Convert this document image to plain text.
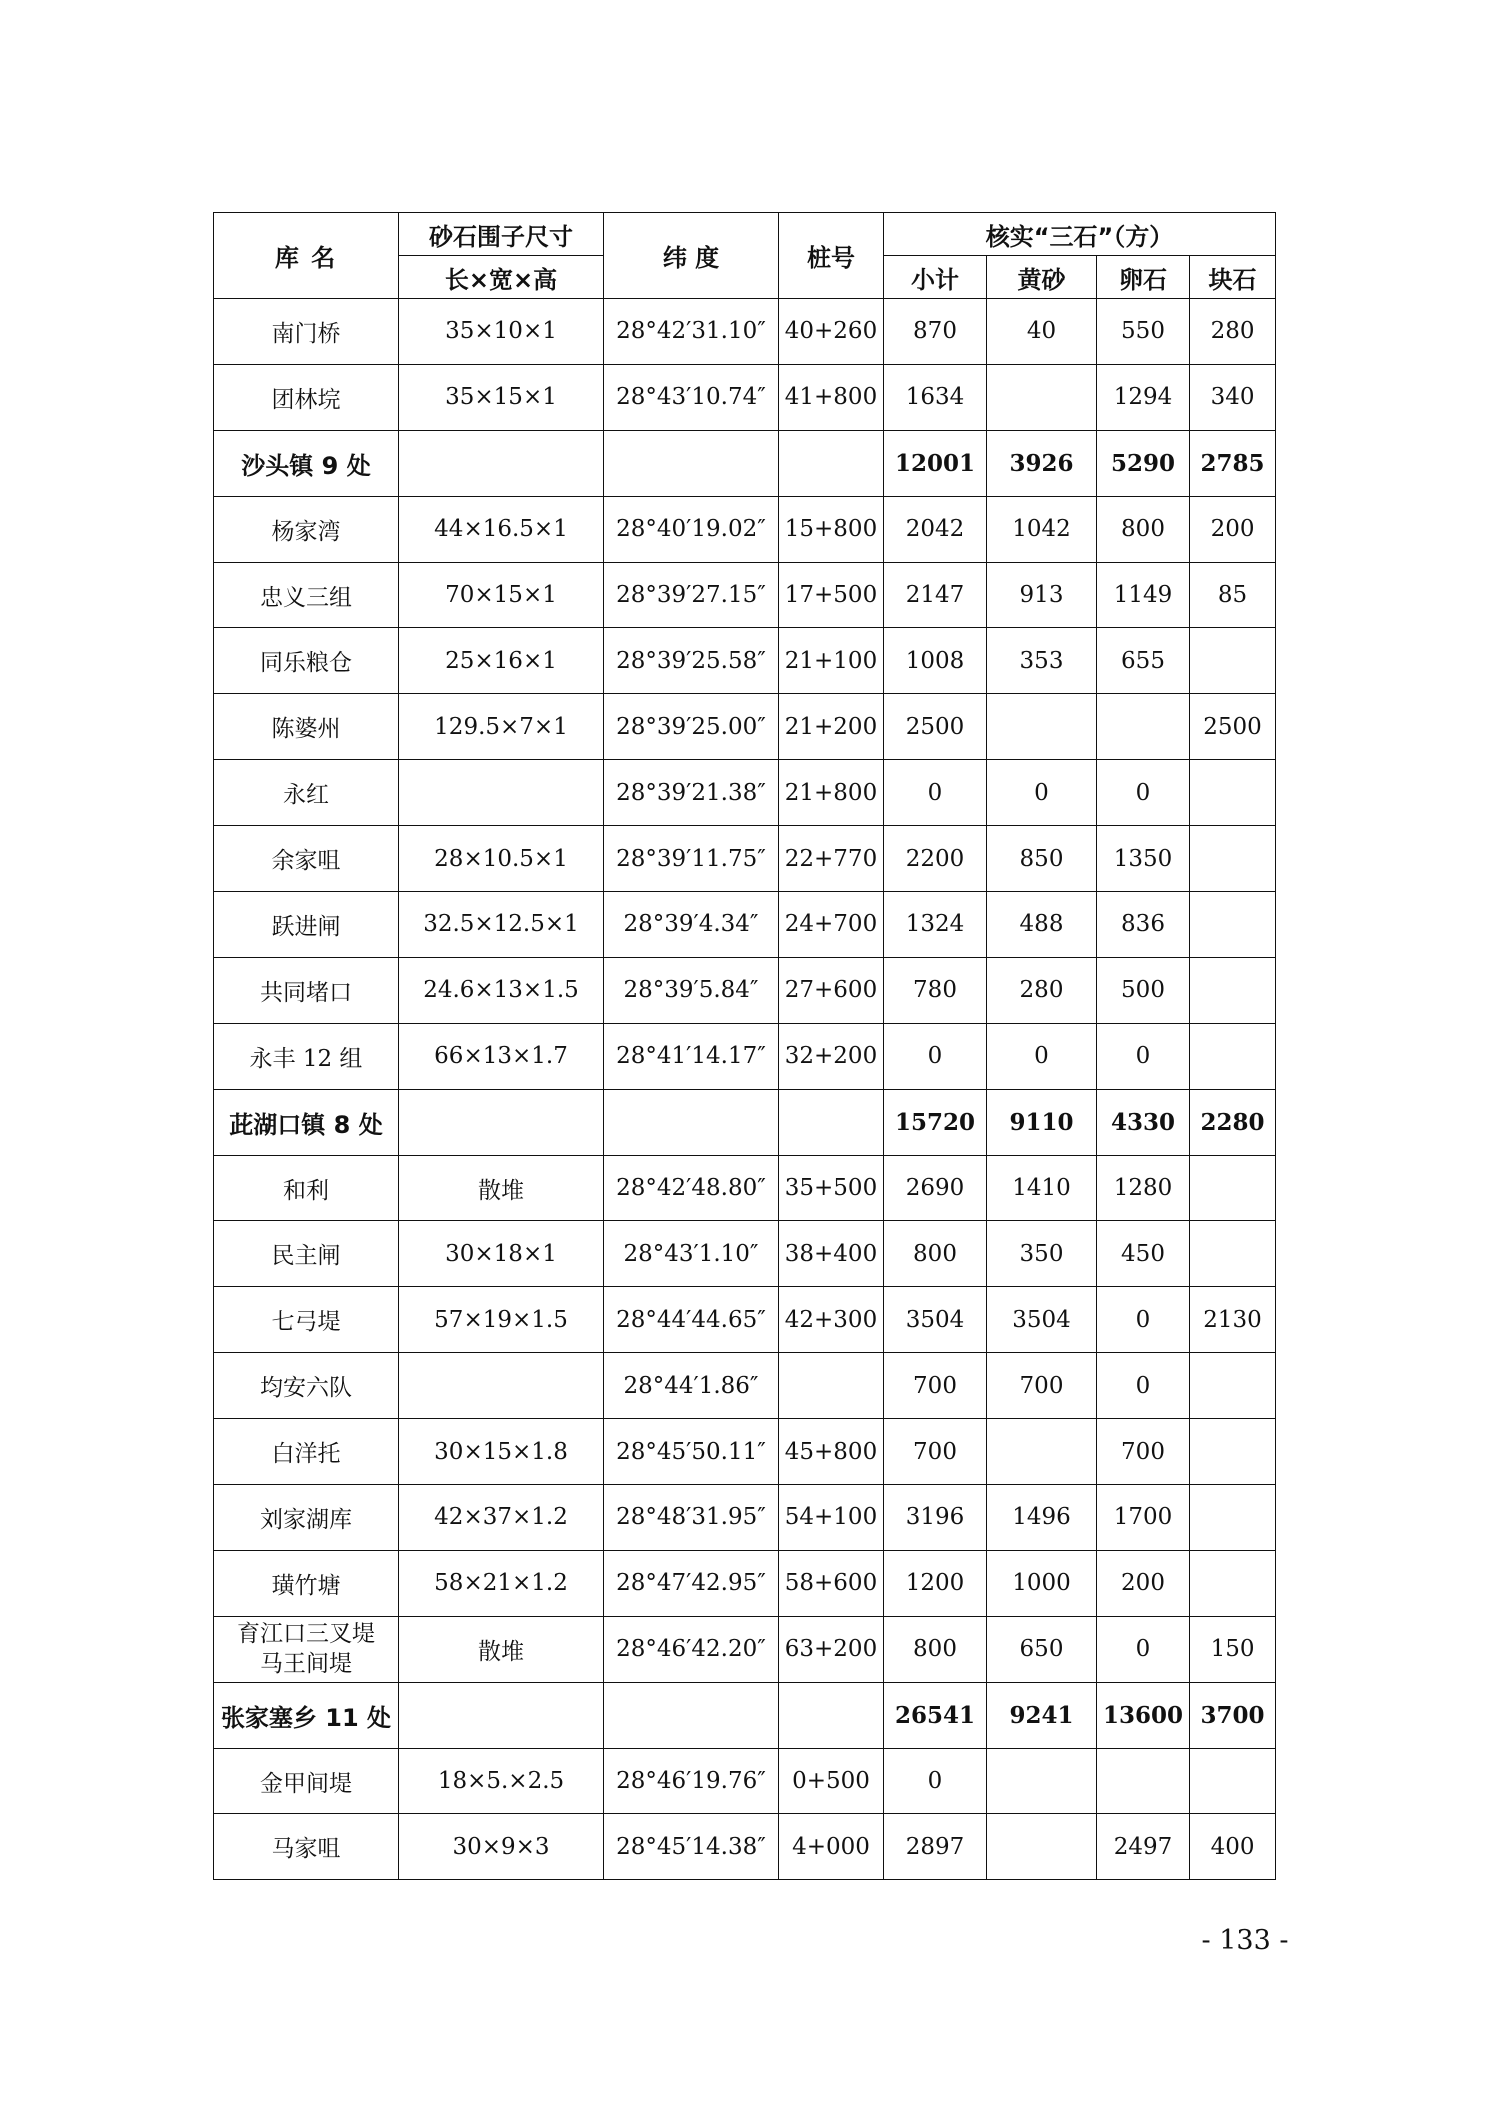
库 名	砂石围子尺寸	纬 度	桩号	核实“三石”（方）			
	长×宽×高			小计	黄砂	卵石	块石
南门桥	35×10×1	28°42′31.10″	40+260	870	40	550	280
团林垸	35×15×1	28°43′10.74″	41+800	1634		1294	340
沙头镇 9 处				12001	3926	5290	2785
杨家湾	44×16.5×1	28°40′19.02″	15+800	2042	1042	800	200
忠义三组	70×15×1	28°39′27.15″	17+500	2147	913	1149	85
同乐粮仓	25×16×1	28°39′25.58″	21+100	1008	353	655	
陈婆州	129.5×7×1	28°39′25.00″	21+200	2500			2500
永红		28°39′21.38″	21+800	0	0	0	
余家咀	28×10.5×1	28°39′11.75″	22+770	2200	850	1350	
跃进闸	32.5×12.5×1	28°39′4.34″	24+700	1324	488	836	
共同堵口	24.6×13×1.5	28°39′5.84″	27+600	780	280	500	
永丰 12 组	66×13×1.7	28°41′14.17″	32+200	0	0	0	
茈湖口镇 8 处				15720	9110	4330	2280
和利	散堆	28°42′48.80″	35+500	2690	1410	1280	
民主闸	30×18×1	28°43′1.10″	38+400	800	350	450	
七弓堤	57×19×1.5	28°44′44.65″	42+300	3504	3504	0	2130
均安六队		28°44′1.86″		700	700	0	
白洋托	30×15×1.8	28°45′50.11″	45+800	700		700	
刘家湖库	42×37×1.2	28°48′31.95″	54+100	3196	1496	1700	
璜竹塘	58×21×1.2	28°47′42.95″	58+600	1200	1000	200	

育江口三叉堤
马王间堤	散堆	28°46′42.20″	63+200	800	650	0	150
张家塞乡 11 处				26541	9241	13600	3700
金甲间堤	18×5.×2.5	28°46′19.76″	0+500	0			
马家咀	30×9×3	28°45′14.38″	4+000	2897		2497	400
- 133 -
